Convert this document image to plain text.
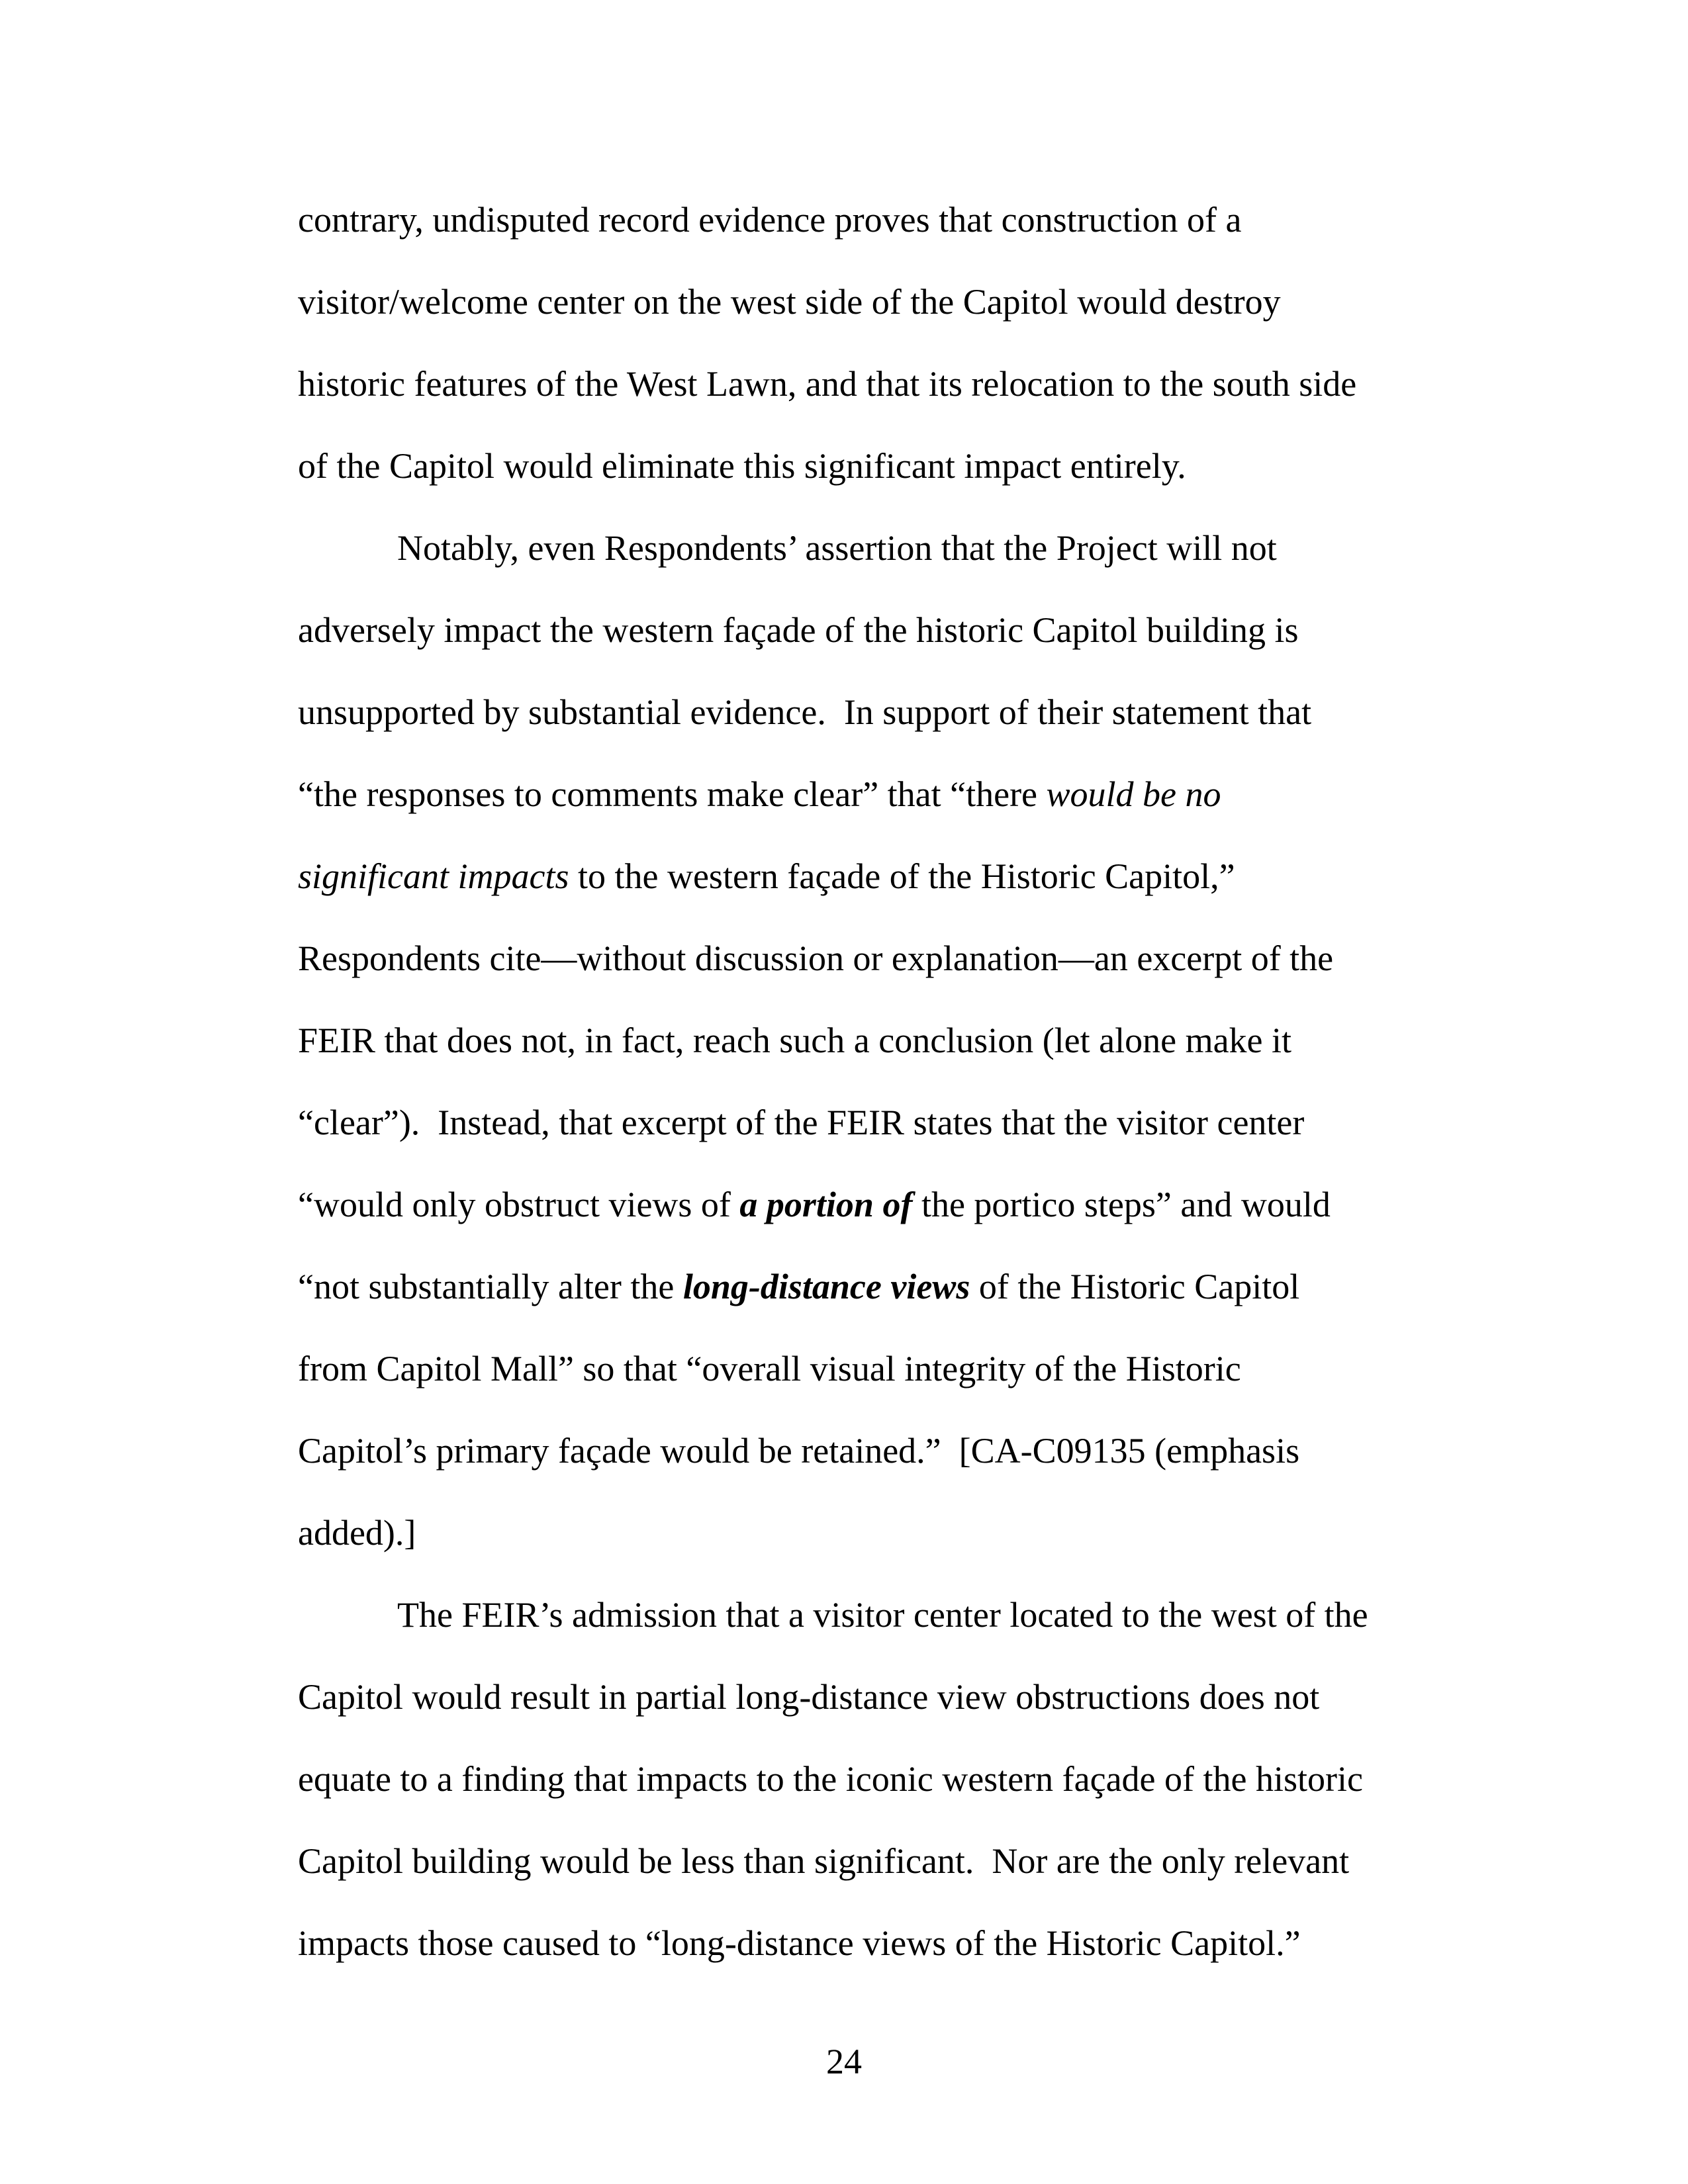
contrary, undisputed record evidence proves that construction of a
visitor/welcome center on the west side of the Capitol would destroy
historic features of the West Lawn, and that its relocation to the south side
of the Capitol would eliminate this significant impact entirely.
Notably, even Respondents’ assertion that the Project will not
adversely impact the western façade of the historic Capitol building is
unsupported by substantial evidence.  In support of their statement that
“the responses to comments make clear” that “there would be no
significant impacts to the western façade of the Historic Capitol,”
Respondents cite—without discussion or explanation—an excerpt of the
FEIR that does not, in fact, reach such a conclusion (let alone make it
“clear”).  Instead, that excerpt of the FEIR states that the visitor center
“would only obstruct views of a portion of the portico steps” and would
“not substantially alter the long-distance views of the Historic Capitol
from Capitol Mall” so that “overall visual integrity of the Historic
Capitol’s primary façade would be retained.”  [CA-C09135 (emphasis
added).]
The FEIR’s admission that a visitor center located to the west of the
Capitol would result in partial long-distance view obstructions does not
equate to a finding that impacts to the iconic western façade of the historic
Capitol building would be less than significant.  Nor are the only relevant
impacts those caused to “long-distance views of the Historic Capitol.”
24
